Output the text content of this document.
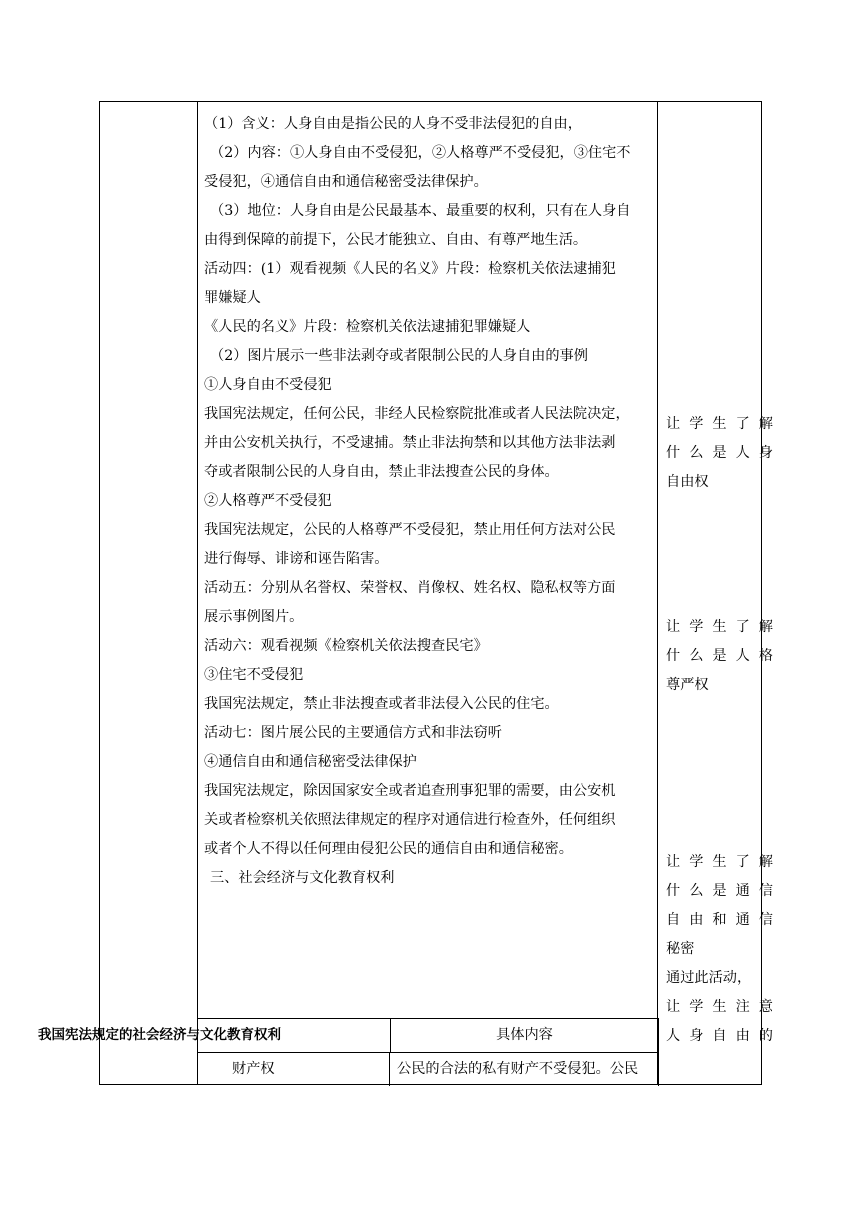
（1）含义：人身自由是指公民的人身不受非法侵犯的自由，

（2）内容：①人身自由不受侵犯，②人格尊严不受侵犯，③住宅不

受侵犯，④通信自由和通信秘密受法律保护。

（3）地位：人身自由是公民最基本、最重要的权利，只有在人身自

由得到保障的前提下，公民才能独立、自由、有尊严地生活。

活动四：(1）观看视频《人民的名义》片段：检察机关依法逮捕犯

罪嫌疑人

《人民的名义》片段：检察机关依法逮捕犯罪嫌疑人

（2）图片展示一些非法剥夺或者限制公民的人身自由的事例

①人身自由不受侵犯

我国宪法规定，任何公民，非经人民检察院批准或者人民法院决定，

并由公安机关执行，不受逮捕。禁止非法拘禁和以其他方法非法剥

夺或者限制公民的人身自由，禁止非法搜查公民的身体。

②人格尊严不受侵犯

我国宪法规定，公民的人格尊严不受侵犯，禁止用任何方法对公民

进行侮辱、诽谤和诬告陷害。

活动五：分别从名誉权、荣誉权、肖像权、姓名权、隐私权等方面

展示事例图片。

活动六：观看视频《检察机关依法搜查民宅》

③住宅不受侵犯

我国宪法规定，禁止非法搜查或者非法侵入公民的住宅。

活动七：图片展公民的主要通信方式和非法窃听

④通信自由和通信秘密受法律保护

我国宪法规定，除因国家安全或者追查刑事犯罪的需要，由公安机

关或者检察机关依照法律规定的程序对通信进行检查外，任何组织

或者个人不得以任何理由侵犯公民的通信自由和通信秘密。

三、社会经济与文化教育权利

让学生了解

什么是人身

自由权

让学生了解

什么是人格

尊严权

让学生了解

什么是通信

自由和通信

秘密

通过此活动，

让学生注意

人身自由的

我国宪法规定的社会经济与文化教育权利	具体内容
财产权	公民的合法的私有财产不受侵犯。公民
